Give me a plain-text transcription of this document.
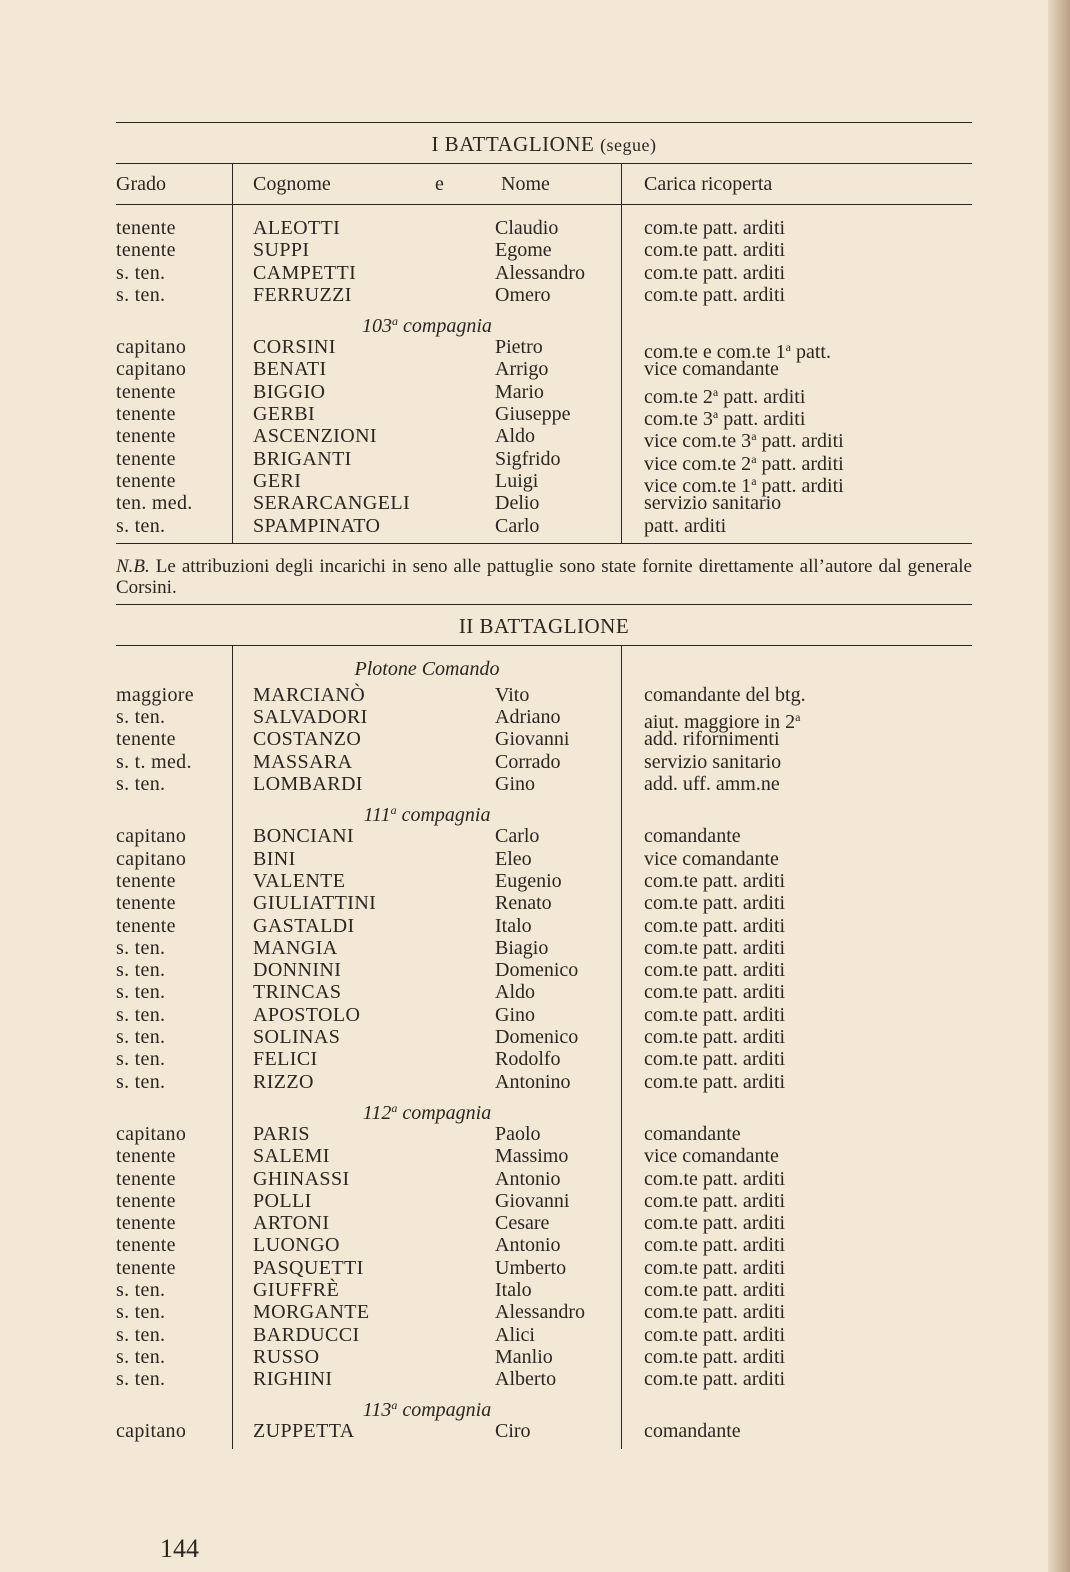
I BATTAGLIONE (segue)
Grado	Cognome	e	Nome	Carica ricoperta
tenente	ALEOTTI	Claudio	com.te patt. arditi
tenente	SUPPI	Egome	com.te patt. arditi
s. ten.	CAMPETTI	Alessandro	com.te patt. arditi
s. ten.	FERRUZZI	Omero	com.te patt. arditi
103$^a$ compagnia
capitano	CORSINI	Pietro	com.te e com.te 1$^a$ patt.
capitano	BENATI	Arrigo	vice comandante
tenente	BIGGIO	Mario	com.te 2$^a$ patt. arditi
tenente	GERBI	Giuseppe	com.te 3$^a$ patt. arditi
tenente	ASCENZIONI	Aldo	vice com.te 3$^a$ patt. arditi
tenente	BRIGANTI	Sigfrido	vice com.te 2$^a$ patt. arditi
tenente	GERI	Luigi	vice com.te 1$^a$ patt. arditi
ten. med.	SERARCANGELI	Delio	servizio sanitario
s. ten.	SPAMPINATO	Carlo	patt. arditi
N.B. Le attribuzioni degli incarichi in seno alle pattuglie sono state fornite direttamente all’autore dal generale Corsini.
II BATTAGLIONE
Plotone Comando
maggiore	MARCIANÒ	Vito	comandante del btg.
s. ten.	SALVADORI	Adriano	aiut. maggiore in 2$^a$
tenente	COSTANZO	Giovanni	add. rifornimenti
s. t. med.	MASSARA	Corrado	servizio sanitario
s. ten.	LOMBARDI	Gino	add. uff. amm.ne
111$^a$ compagnia
capitano	BONCIANI	Carlo	comandante
capitano	BINI	Eleo	vice comandante
tenente	VALENTE	Eugenio	com.te patt. arditi
tenente	GIULIATTINI	Renato	com.te patt. arditi
tenente	GASTALDI	Italo	com.te patt. arditi
s. ten.	MANGIA	Biagio	com.te patt. arditi
s. ten.	DONNINI	Domenico	com.te patt. arditi
s. ten.	TRINCAS	Aldo	com.te patt. arditi
s. ten.	APOSTOLO	Gino	com.te patt. arditi
s. ten.	SOLINAS	Domenico	com.te patt. arditi
s. ten.	FELICI	Rodolfo	com.te patt. arditi
s. ten.	RIZZO	Antonino	com.te patt. arditi
112$^a$ compagnia
capitano	PARIS	Paolo	comandante
tenente	SALEMI	Massimo	vice comandante
tenente	GHINASSI	Antonio	com.te patt. arditi
tenente	POLLI	Giovanni	com.te patt. arditi
tenente	ARTONI	Cesare	com.te patt. arditi
tenente	LUONGO	Antonio	com.te patt. arditi
tenente	PASQUETTI	Umberto	com.te patt. arditi
s. ten.	GIUFFRÈ	Italo	com.te patt. arditi
s. ten.	MORGANTE	Alessandro	com.te patt. arditi
s. ten.	BARDUCCI	Alici	com.te patt. arditi
s. ten.	RUSSO	Manlio	com.te patt. arditi
s. ten.	RIGHINI	Alberto	com.te patt. arditi
113$^a$ compagnia
capitano	ZUPPETTA	Ciro	comandante
144
